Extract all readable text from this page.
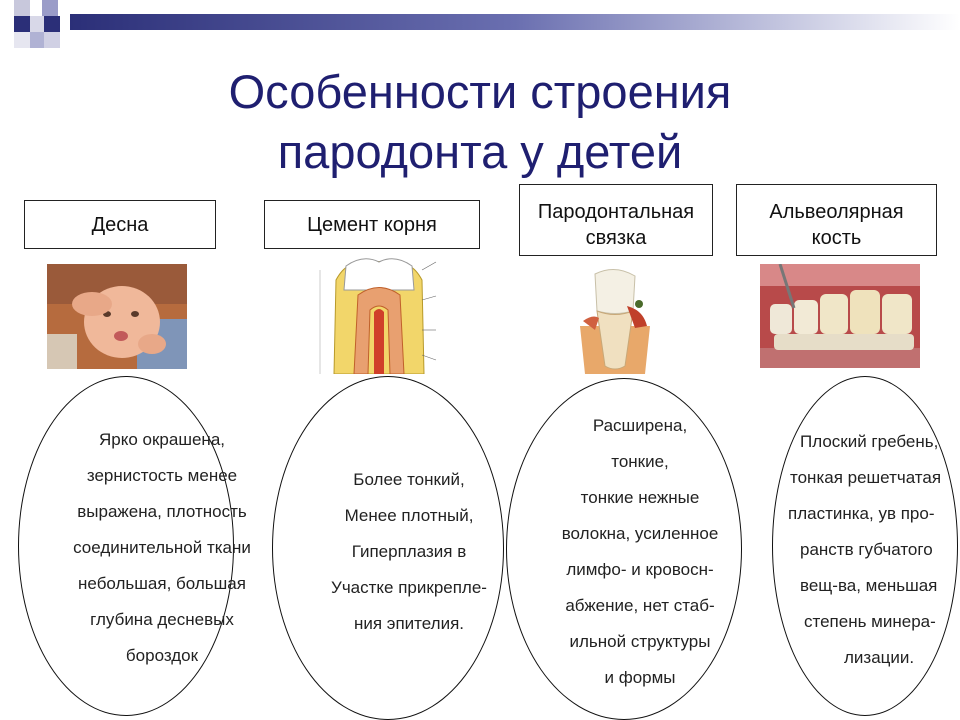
Особенности строения
пародонта у детей
Десна	Цемент корня
Пародонтальная
связка
Альвеолярная
кость
Ярко окрашена,
зернистость менее
выражена, плотность
соединительной ткани
небольшая, большая
глубина десневых
бороздок
Более тонкий,
Менее плотный,
Гиперплазия в
Участке прикрепле-
ния эпителия.
Расширена,
тонкие,
тонкие нежные
волокна, усиленное
лимфо- и кровосн-
абжение, нет стаб-
ильной структуры
и формы
Плоский гребень,
тонкая решетчатая
пластинка, ув про-
ранств губчатого
вещ-ва, меньшая
степень минера-
лизации.
